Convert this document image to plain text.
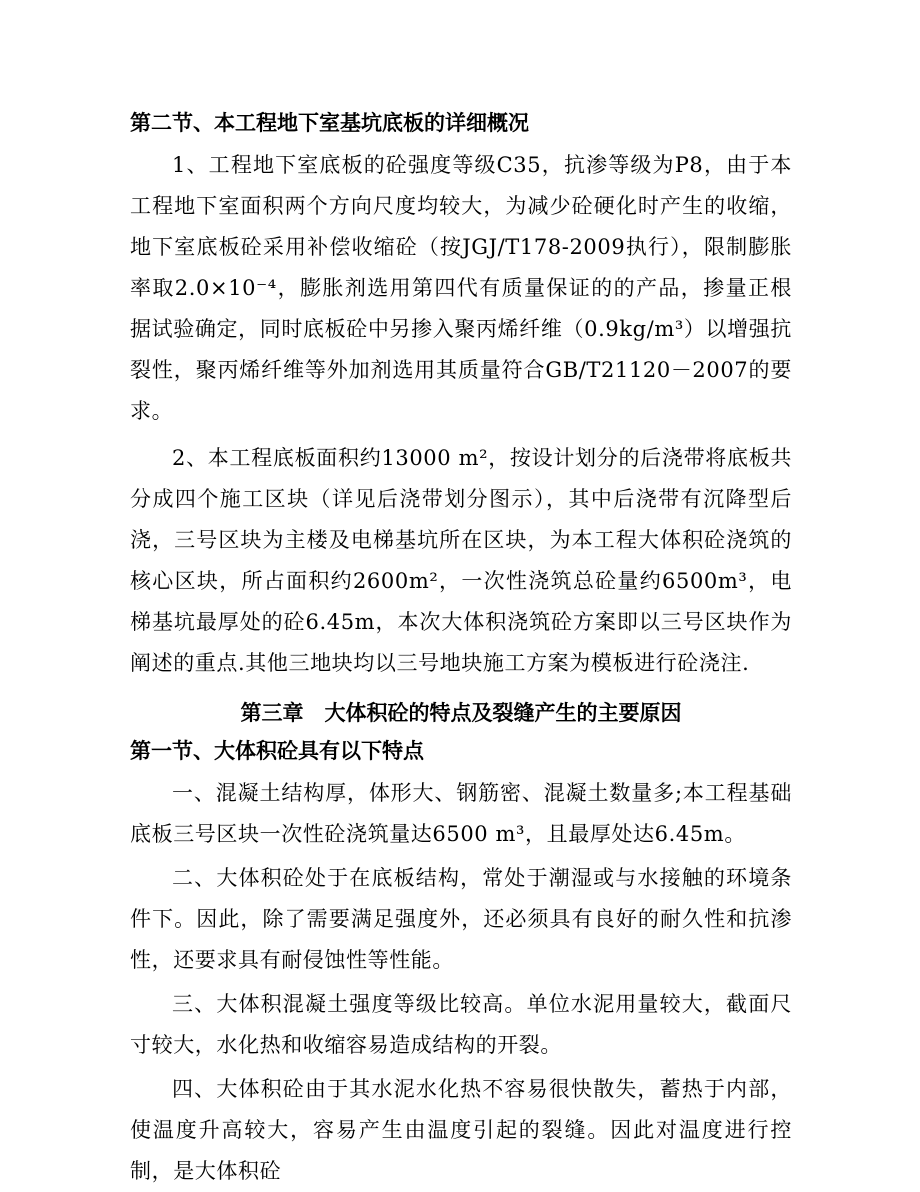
第二节、本工程地下室基坑底板的详细概况

1、工程地下室底板的砼强度等级C35，抗渗等级为P8，由于本工程地下室面积两个方向尺度均较大，为减少砼硬化时产生的收缩，地下室底板砼采用补偿收缩砼（按JGJ/T178-2009执行），限制膨胀率取2.0×10⁻⁴，膨胀剂选用第四代有质量保证的的产品，掺量正根据试验确定，同时底板砼中另掺入聚丙烯纤维（0.9kg/m³）以增强抗裂性，聚丙烯纤维等外加剂选用其质量符合GB/T21120－2007的要求。

2、本工程底板面积约13000 m²，按设计划分的后浇带将底板共分成四个施工区块（详见后浇带划分图示），其中后浇带有沉降型后浇，三号区块为主楼及电梯基坑所在区块，为本工程大体积砼浇筑的核心区块，所占面积约2600m²，一次性浇筑总砼量约6500m³，电梯基坑最厚处的砼6.45m，本次大体积浇筑砼方案即以三号区块作为阐述的重点.其他三地块均以三号地块施工方案为模板进行砼浇注.

第三章　大体积砼的特点及裂缝产生的主要原因
第一节、大体积砼具有以下特点

一、混凝土结构厚，体形大、钢筋密、混凝土数量多;本工程基础底板三号区块一次性砼浇筑量达6500 m³，且最厚处达6.45m。

二、大体积砼处于在底板结构，常处于潮湿或与水接触的环境条件下。因此，除了需要满足强度外，还必须具有良好的耐久性和抗渗性，还要求具有耐侵蚀性等性能。

三、大体积混凝土强度等级比较高。单位水泥用量较大，截面尺寸较大，水化热和收缩容易造成结构的开裂。

四、大体积砼由于其水泥水化热不容易很快散失，蓄热于内部，使温度升高较大，容易产生由温度引起的裂缝。因此对温度进行控制，是大体积砼
